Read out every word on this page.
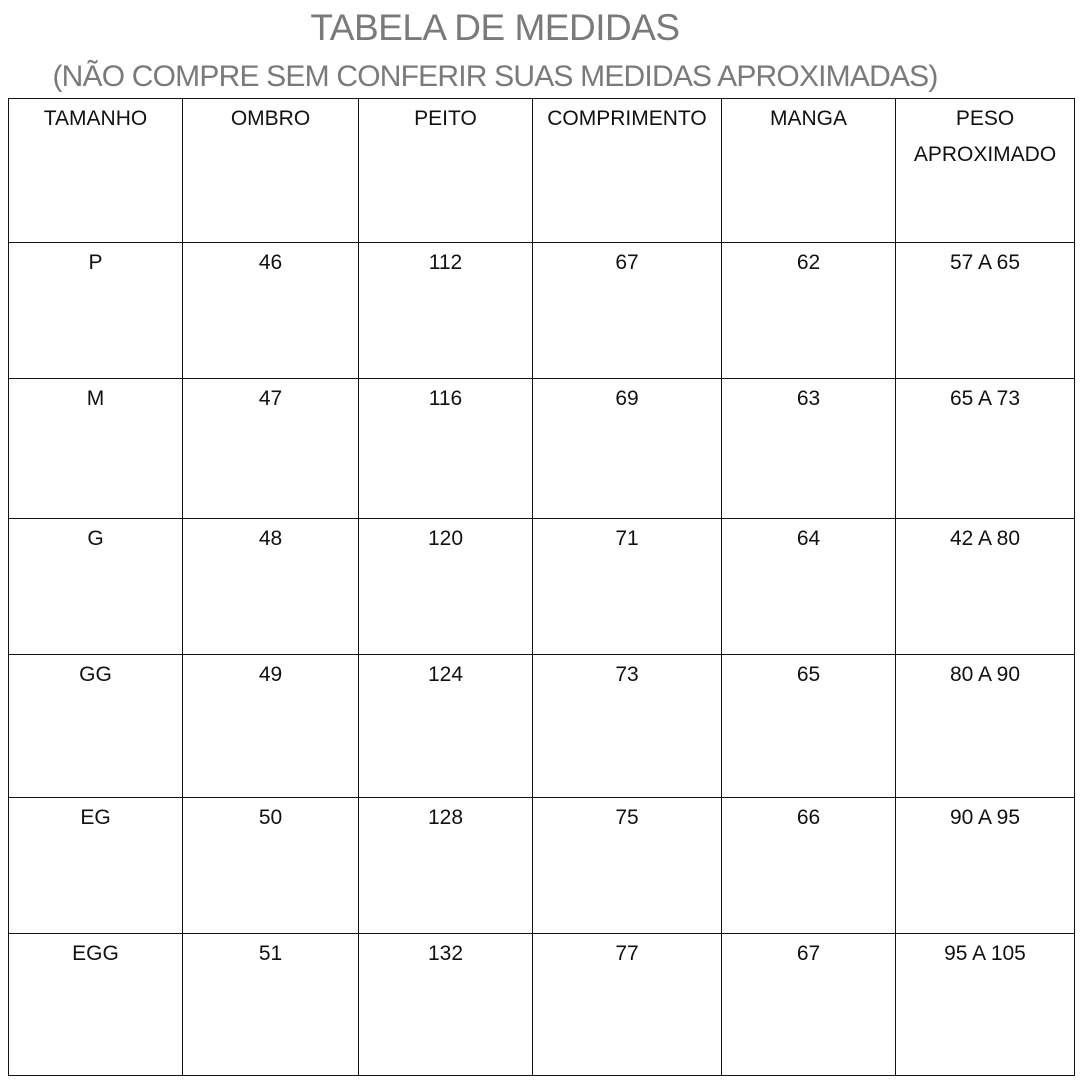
TABELA DE MEDIDAS
(NÃO COMPRE SEM CONFERIR SUAS MEDIDAS APROXIMADAS)
TAMANHO	OMBRO	PEITO	COMPRIMENTO	MANGA	PESO
APROXIMADO

P	46	112	67	62	57 A 65
M	47	116	69	63	65 A 73
G	48	120	71	64	42 A 80
GG	49	124	73	65	80 A 90
EG	50	128	75	66	90 A 95
EGG	51	132	77	67	95 A 105
